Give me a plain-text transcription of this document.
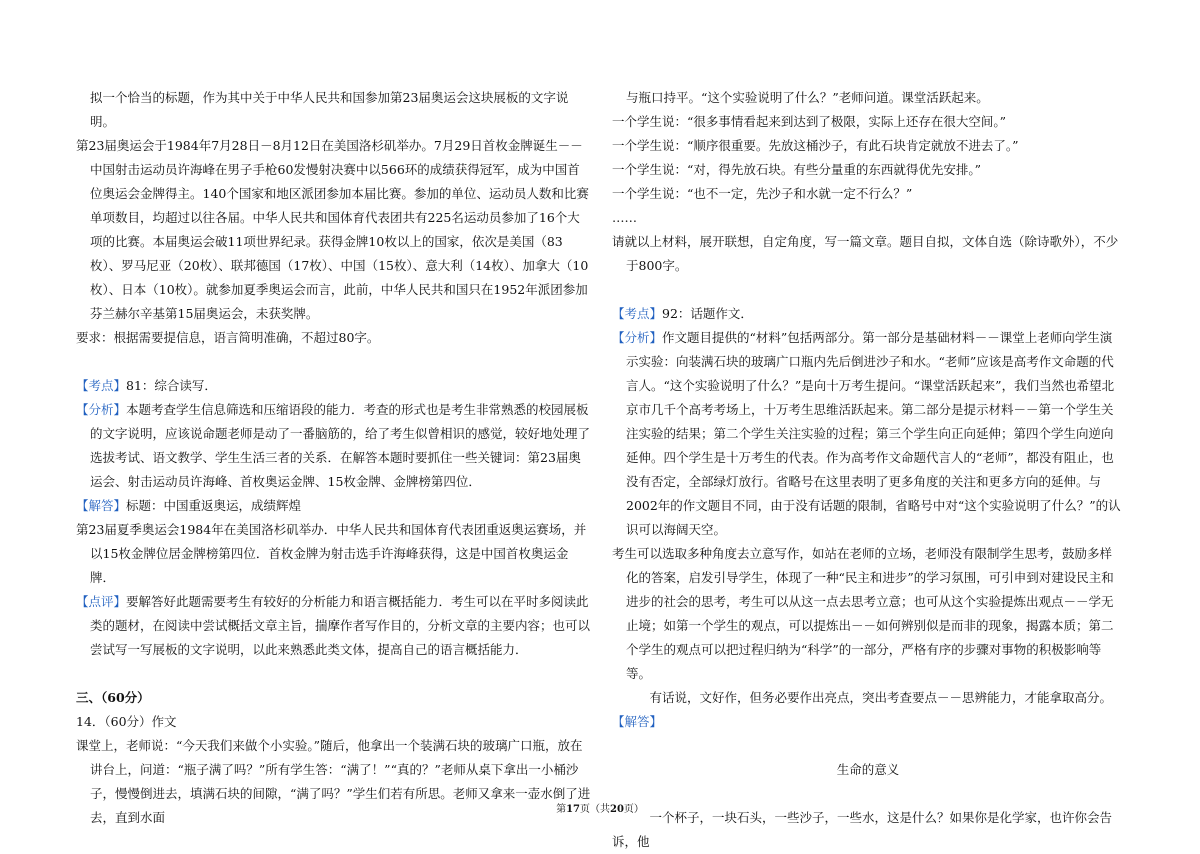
拟一个恰当的标题，作为其中关于中华人民共和国参加第23届奥运会这块展板的文字说明。

第23届奥运会于1984年7月28日－8月12日在美国洛杉矶举办。7月29日首枚金牌诞生－－中国射击运动员许海峰在男子手枪60发慢射决赛中以566环的成绩获得冠军，成为中国首位奥运会金牌得主。140个国家和地区派团参加本届比赛。参加的单位、运动员人数和比赛单项数目，均超过以往各届。中华人民共和国体育代表团共有225名运动员参加了16个大项的比赛。本届奥运会破11项世界纪录。获得金牌10枚以上的国家，依次是美国（83枚）、罗马尼亚（20枚）、联邦德国（17枚）、中国（15枚）、意大利（14枚）、加拿大（10枚）、日本（10枚）。就参加夏季奥运会而言，此前，中华人民共和国只在1952年派团参加芬兰赫尔辛基第15届奥运会，未获奖牌。

要求：根据需要提信息，语言简明准确，不超过80字。

【考点】81：综合读写．

【分析】本题考查学生信息筛选和压缩语段的能力．考查的形式也是考生非常熟悉的校园展板的文字说明，应该说命题老师是动了一番脑筋的，给了考生似曾相识的感觉，较好地处理了选拔考试、语文教学、学生生活三者的关系．在解答本题时要抓住一些关键词：第23届奥运会、射击运动员许海峰、首枚奥运金牌、15枚金牌、金牌榜第四位．

【解答】标题：中国重返奥运，成绩辉煌

第23届夏季奥运会1984年在美国洛杉矶举办．中华人民共和国体育代表团重返奥运赛场，并以15枚金牌位居金牌榜第四位．首枚金牌为射击选手许海峰获得，这是中国首枚奥运金牌．

【点评】要解答好此题需要考生有较好的分析能力和语言概括能力．考生可以在平时多阅读此类的题材，在阅读中尝试概括文章主旨，揣摩作者写作目的，分析文章的主要内容；也可以尝试写一写展板的文字说明，以此来熟悉此类文体，提高自己的语言概括能力．

三、（60分）

14．（60分）作文

课堂上，老师说：“今天我们来做个小实验。”随后，他拿出一个装满石块的玻璃广口瓶，放在讲台上，问道：“瓶子满了吗？”所有学生答：“满了！”“真的？”老师从桌下拿出一小桶沙子，慢慢倒进去，填满石块的间隙，“满了吗？”学生们若有所思。老师又拿来一壶水倒了进去，直到水面

与瓶口持平。“这个实验说明了什么？”老师问道。课堂活跃起来。

一个学生说：“很多事情看起来到达到了极限，实际上还存在很大空间。”

一个学生说：“顺序很重要。先放这桶沙子，有此石块肯定就放不进去了。”

一个学生说：“对，得先放石块。有些分量重的东西就得优先安排。”

一个学生说：“也不一定，先沙子和水就一定不行么？”

……

请就以上材料，展开联想，自定角度，写一篇文章。题目自拟，文体自选（除诗歌外），不少于800字。

【考点】92：话题作文．

【分析】作文题目提供的“材料”包括两部分。第一部分是基础材料－－课堂上老师向学生演示实验：向装满石块的玻璃广口瓶内先后倒进沙子和水。“老师”应该是高考作文命题的代言人。“这个实验说明了什么？”是向十万考生提问。“课堂活跃起来”，我们当然也希望北京市几千个高考考场上，十万考生思维活跃起来。第二部分是提示材料－－第一个学生关注实验的结果；第二个学生关注实验的过程；第三个学生向正向延伸；第四个学生向逆向延伸。四个学生是十万考生的代表。作为高考作文命题代言人的“老师”，都没有阻止，也没有否定，全部绿灯放行。省略号在这里表明了更多角度的关注和更多方向的延伸。与2002年的作文题目不同，由于没有话题的限制，省略号中对“这个实验说明了什么？”的认识可以海阔天空。

考生可以选取多种角度去立意写作，如站在老师的立场，老师没有限制学生思考，鼓励多样化的答案，启发引导学生，体现了一种“民主和进步”的学习氛围，可引申到对建设民主和进步的社会的思考，考生可以从这一点去思考立意；也可从这个实验提炼出观点－－学无止境；如第一个学生的观点，可以提炼出－－如何辨别似是而非的现象，揭露本质；第二个学生的观点可以把过程归纳为“科学”的一部分，严格有序的步骤对事物的积极影响等等。

有话说，文好作，但务必要作出亮点，突出考查要点－－思辨能力，才能拿取高分。

【解答】

生命的意义

一个杯子，一块石头，一些沙子，一些水，这是什么？如果你是化学家，也许你会告诉，他

第17页（共20页）
